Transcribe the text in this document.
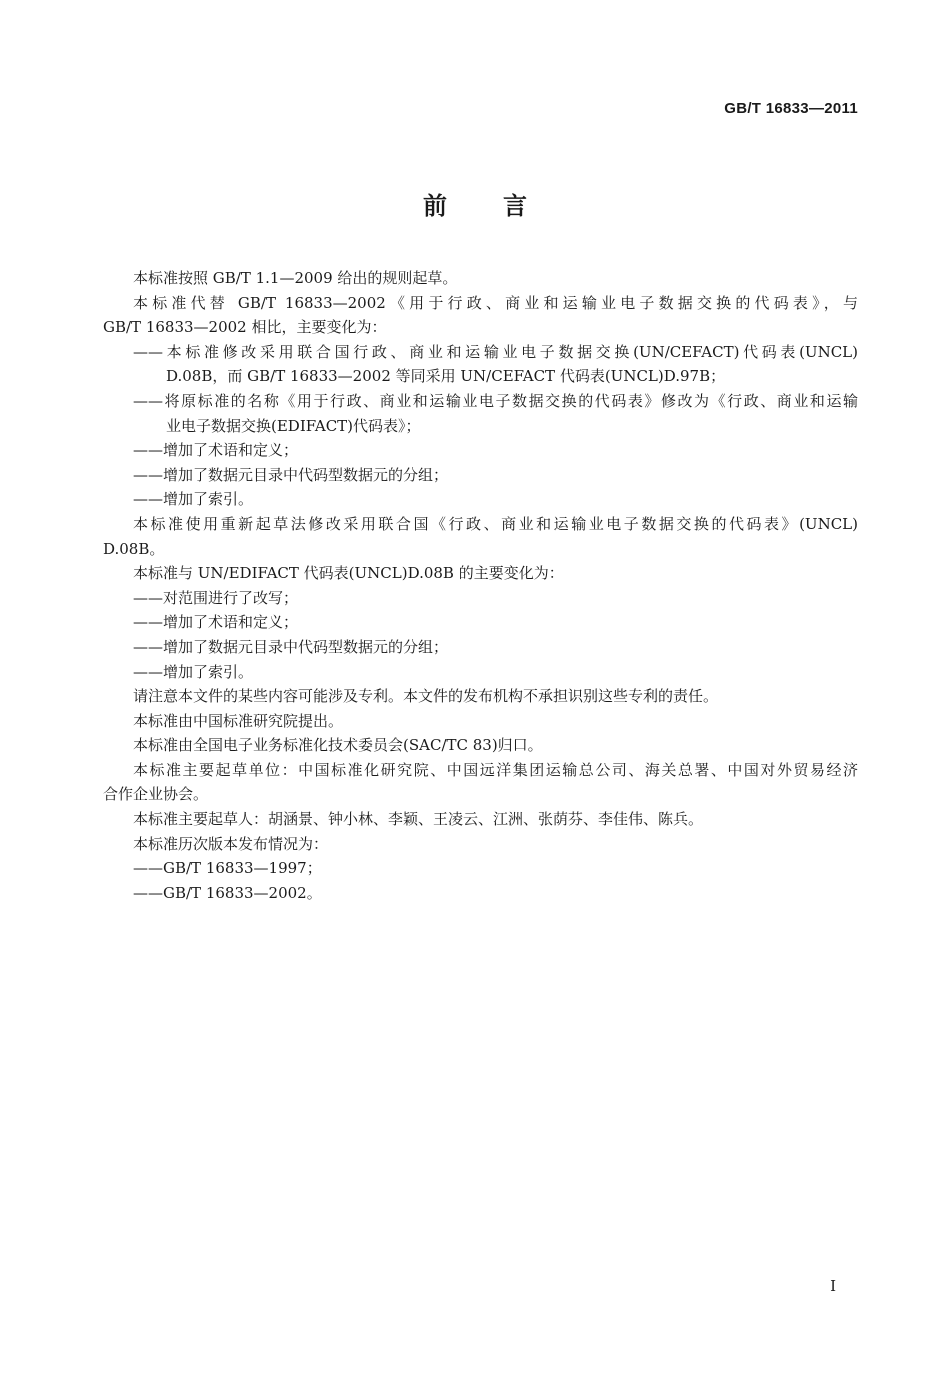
GB/T 16833—2011
前言
本标准按照 GB/T 1.1—2009 给出的规则起草。
本标准代替 GB/T 16833—2002《用于行政、商业和运输业电子数据交换的代码表》，与
GB/T 16833—2002 相比，主要变化为：
——本标准修改采用联合国行政、商业和运输业电子数据交换(UN/CEFACT)代码表(UNCL)
D.08B，而 GB/T 16833—2002 等同采用 UN/CEFACT 代码表(UNCL)D.97B；
——将原标准的名称《用于行政、商业和运输业电子数据交换的代码表》修改为《行政、商业和运输
业电子数据交换(EDIFACT)代码表》；
——增加了术语和定义；
——增加了数据元目录中代码型数据元的分组；
——增加了索引。
本标准使用重新起草法修改采用联合国《行政、商业和运输业电子数据交换的代码表》(UNCL)
D.08B。
本标准与 UN/EDIFACT 代码表(UNCL)D.08B 的主要变化为：
——对范围进行了改写；
——增加了术语和定义；
——增加了数据元目录中代码型数据元的分组；
——增加了索引。
请注意本文件的某些内容可能涉及专利。本文件的发布机构不承担识别这些专利的责任。
本标准由中国标准研究院提出。
本标准由全国电子业务标准化技术委员会(SAC/TC 83)归口。
本标准主要起草单位：中国标准化研究院、中国远洋集团运输总公司、海关总署、中国对外贸易经济
合作企业协会。
本标准主要起草人：胡涵景、钟小林、李颖、王凌云、江洲、张荫芬、李佳伟、陈兵。
本标准历次版本发布情况为：
——GB/T 16833—1997；
——GB/T 16833—2002。
I
